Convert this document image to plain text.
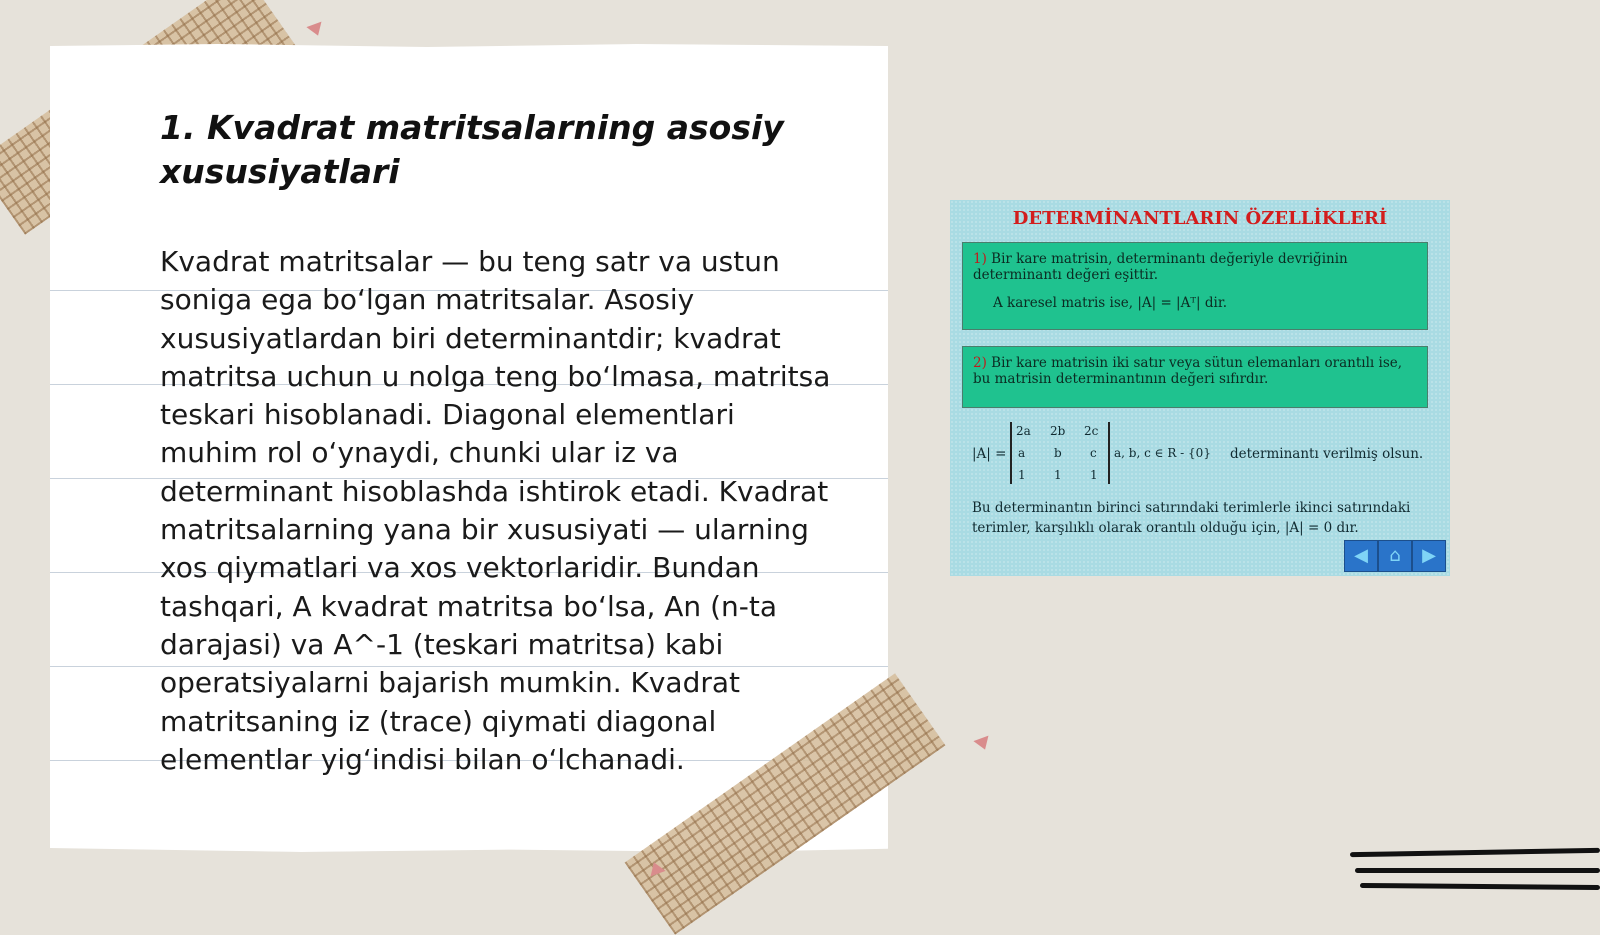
1. Kvadrat matritsalarning asosiy xususiyatlari

Kvadrat matritsalar — bu teng satr va ustun soniga ega bo‘lgan matritsalar. Asosiy xususiyatlardan biri determinantdir; kvadrat matritsa uchun u nolga teng bo‘lmasa, matritsa teskari hisoblanadi. Diagonal elementlari muhim rol o‘ynaydi, chunki ular iz va determinant hisoblashda ishtirok etadi. Kvadrat matritsalarning yana bir xususiyati — ularning xos qiymatlari va xos vektorlaridir. Bundan tashqari, A kvadrat matritsa bo‘lsa, An (n-ta darajasi) va A^-1 (teskari matritsa) kabi operatsiyalarni bajarish mumkin. Kvadrat matritsaning iz (trace) qiymati diagonal elementlar yig‘indisi bilan o‘lchanadi.

DETERMİNANTLARIN ÖZELLİKLERİ
1) Bir kare matrisin, determinantı değeriyle devriğinin determinantı değeri eşittir.
A karesel matris ise, |A| = |Aᵀ| dir.
2) Bir kare matrisin iki satır veya sütun elemanları orantılı ise, bu matrisin determinantının değeri sıfırdır.
|A| =
2a 2b 2c
a b c
1 1 1
a, b, c ∈ R - {0} determinantı verilmiş olsun.
Bu determinantın birinci satırındaki terimlerle ikinci satırındaki terimler, karşılıklı olarak orantılı olduğu için, |A| = 0 dır.
◀	⌂	▶
